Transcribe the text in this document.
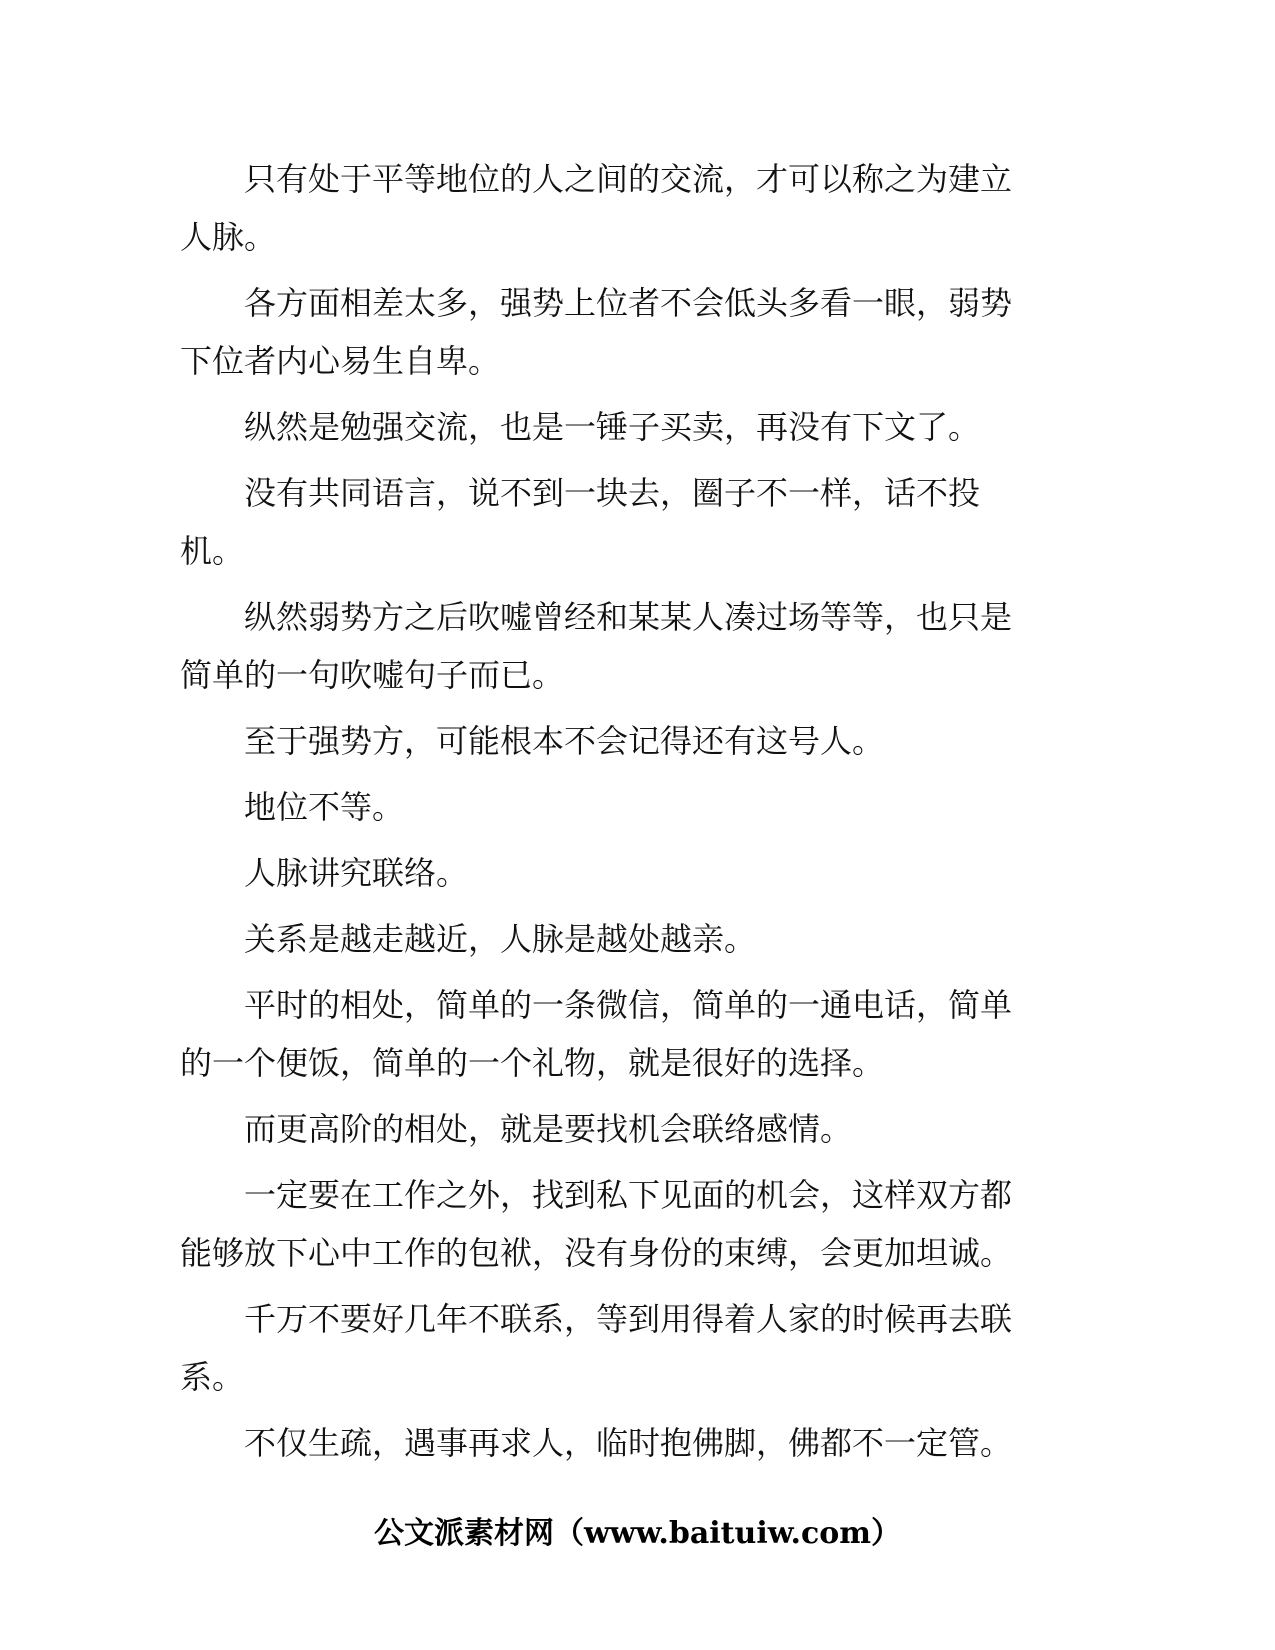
只有处于平等地位的人之间的交流，才可以称之为建立人脉。

各方面相差太多，强势上位者不会低头多看一眼，弱势下位者内心易生自卑。

纵然是勉强交流，也是一锤子买卖，再没有下文了。

没有共同语言，说不到一块去，圈子不一样，话不投机。

纵然弱势方之后吹嘘曾经和某某人凑过场等等，也只是简单的一句吹嘘句子而已。

至于强势方，可能根本不会记得还有这号人。

地位不等。

人脉讲究联络。

关系是越走越近，人脉是越处越亲。

平时的相处，简单的一条微信，简单的一通电话，简单的一个便饭，简单的一个礼物，就是很好的选择。

而更高阶的相处，就是要找机会联络感情。

一定要在工作之外，找到私下见面的机会，这样双方都能够放下心中工作的包袱，没有身份的束缚，会更加坦诚。

千万不要好几年不联系，等到用得着人家的时候再去联系。

不仅生疏，遇事再求人，临时抱佛脚，佛都不一定管。

公文派素材网（www.baituiw.com）
